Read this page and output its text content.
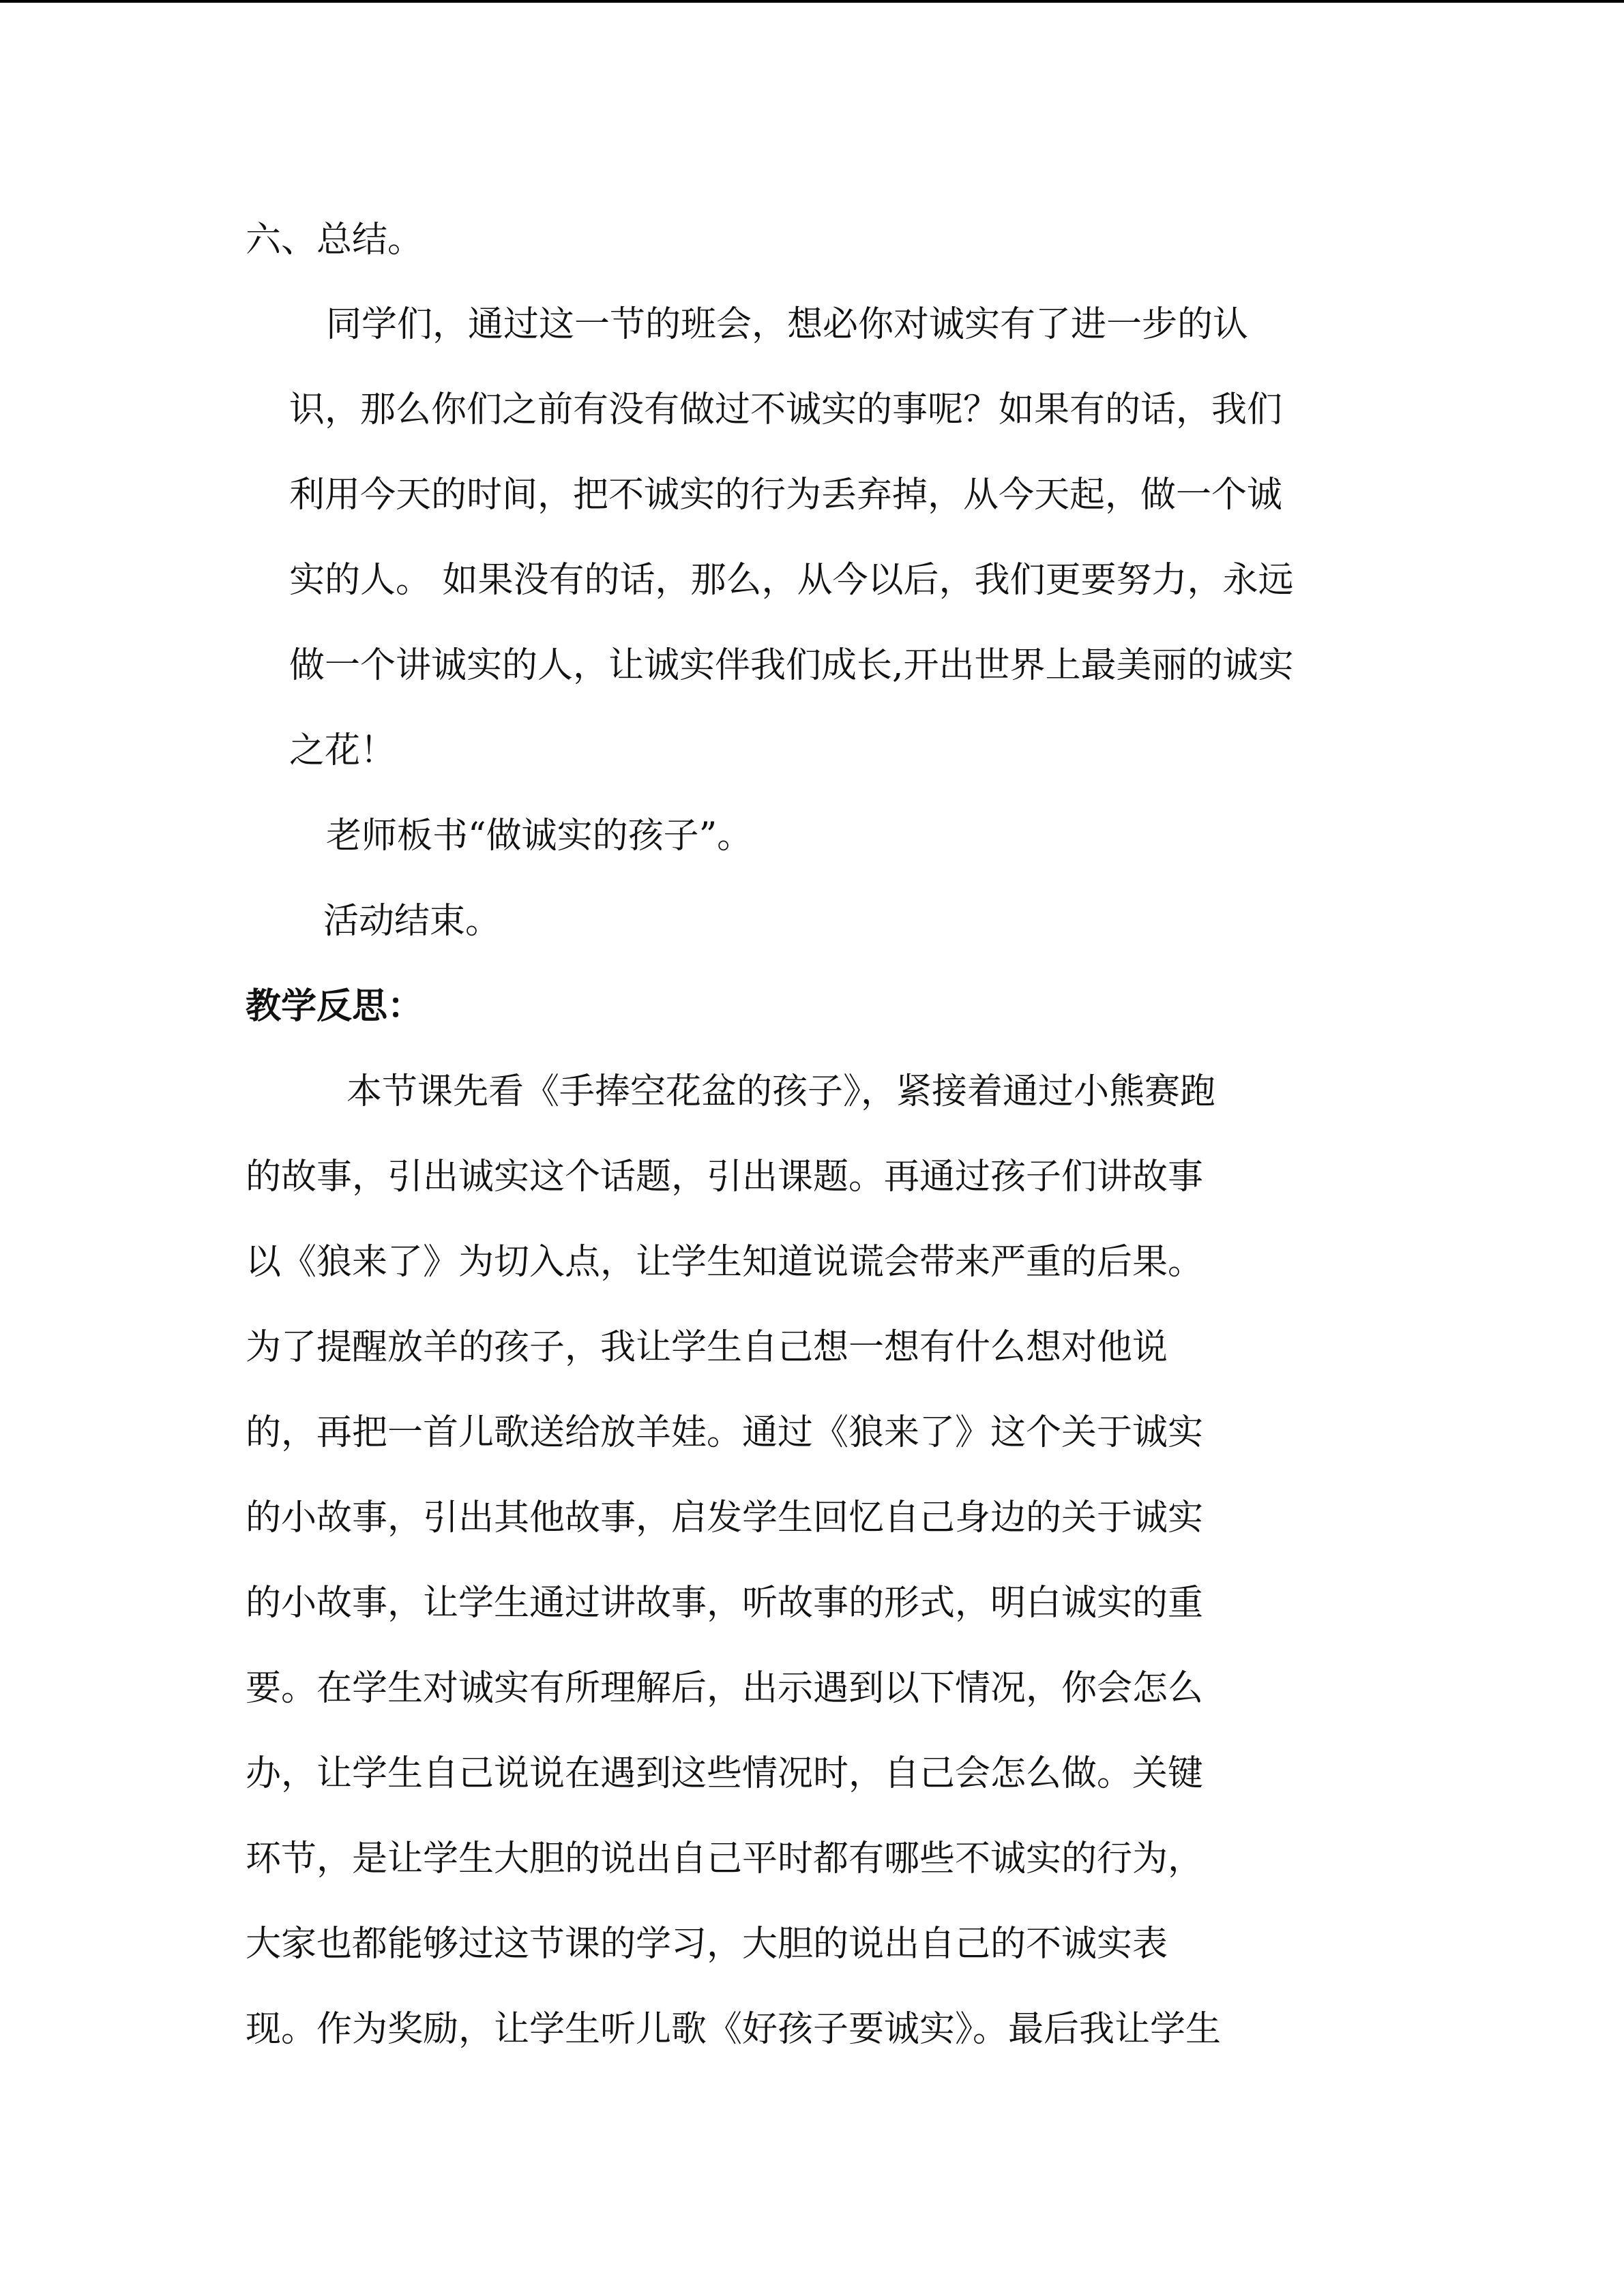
六、总结。
同学们，通过这一节的班会，想必你对诚实有了进一步的认
识，那么你们之前有没有做过不诚实的事呢？如果有的话，我们
利用今天的时间，把不诚实的行为丢弃掉，从今天起，做一个诚
实的人。 如果没有的话，那么，从今以后，我们更要努力，永远
做一个讲诚实的人，让诚实伴我们成长,开出世界上最美丽的诚实
之花！
老师板书“做诚实的孩子”。
活动结束。
教学反思：
本节课先看《手捧空花盆的孩子》，紧接着通过小熊赛跑
的故事，引出诚实这个话题，引出课题。再通过孩子们讲故事
以《狼来了》为切入点，让学生知道说谎会带来严重的后果。
为了提醒放羊的孩子，我让学生自己想一想有什么想对他说
的，再把一首儿歌送给放羊娃。通过《狼来了》这个关于诚实
的小故事，引出其他故事，启发学生回忆自己身边的关于诚实
的小故事，让学生通过讲故事，听故事的形式，明白诚实的重
要。在学生对诚实有所理解后，出示遇到以下情况，你会怎么
办，让学生自己说说在遇到这些情况时，自己会怎么做。关键
环节，是让学生大胆的说出自己平时都有哪些不诚实的行为，
大家也都能够过这节课的学习，大胆的说出自己的不诚实表
现。作为奖励，让学生听儿歌《好孩子要诚实》。最后我让学生
